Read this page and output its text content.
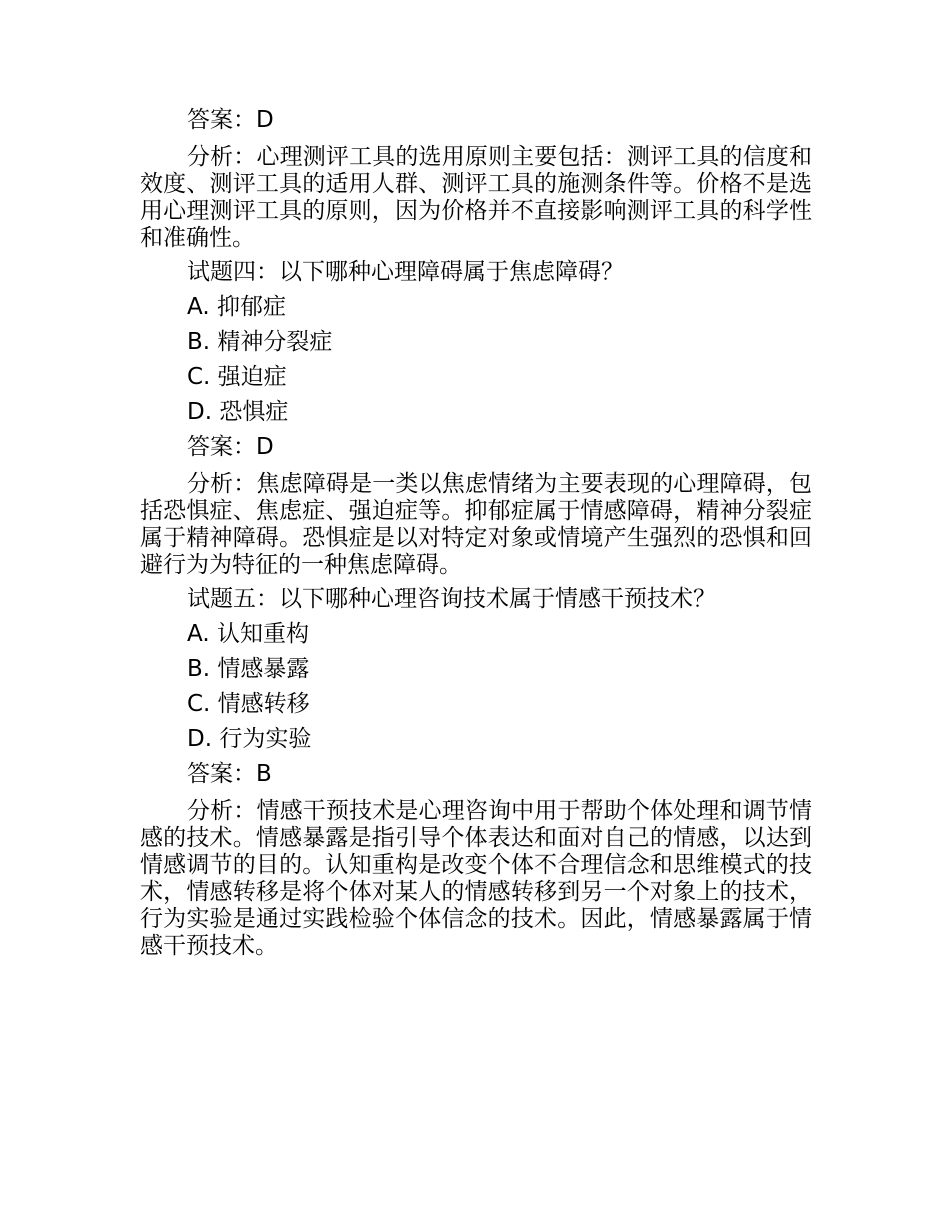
答案：D

分析：心理测评工具的选用原则主要包括：测评工具的信度和效度、测评工具的适用人群、测评工具的施测条件等。价格不是选用心理测评工具的原则，因为价格并不直接影响测评工具的科学性和准确性。

试题四：以下哪种心理障碍属于焦虑障碍？

A. 抑郁症

B. 精神分裂症

C. 强迫症

D. 恐惧症

答案：D

分析：焦虑障碍是一类以焦虑情绪为主要表现的心理障碍，包括恐惧症、焦虑症、强迫症等。抑郁症属于情感障碍，精神分裂症属于精神障碍。恐惧症是以对特定对象或情境产生强烈的恐惧和回避行为为特征的一种焦虑障碍。

试题五：以下哪种心理咨询技术属于情感干预技术？

A. 认知重构

B. 情感暴露

C. 情感转移

D. 行为实验

答案：B

分析：情感干预技术是心理咨询中用于帮助个体处理和调节情感的技术。情感暴露是指引导个体表达和面对自己的情感，以达到情感调节的目的。认知重构是改变个体不合理信念和思维模式的技术，情感转移是将个体对某人的情感转移到另一个对象上的技术，行为实验是通过实践检验个体信念的技术。因此，情感暴露属于情感干预技术。
